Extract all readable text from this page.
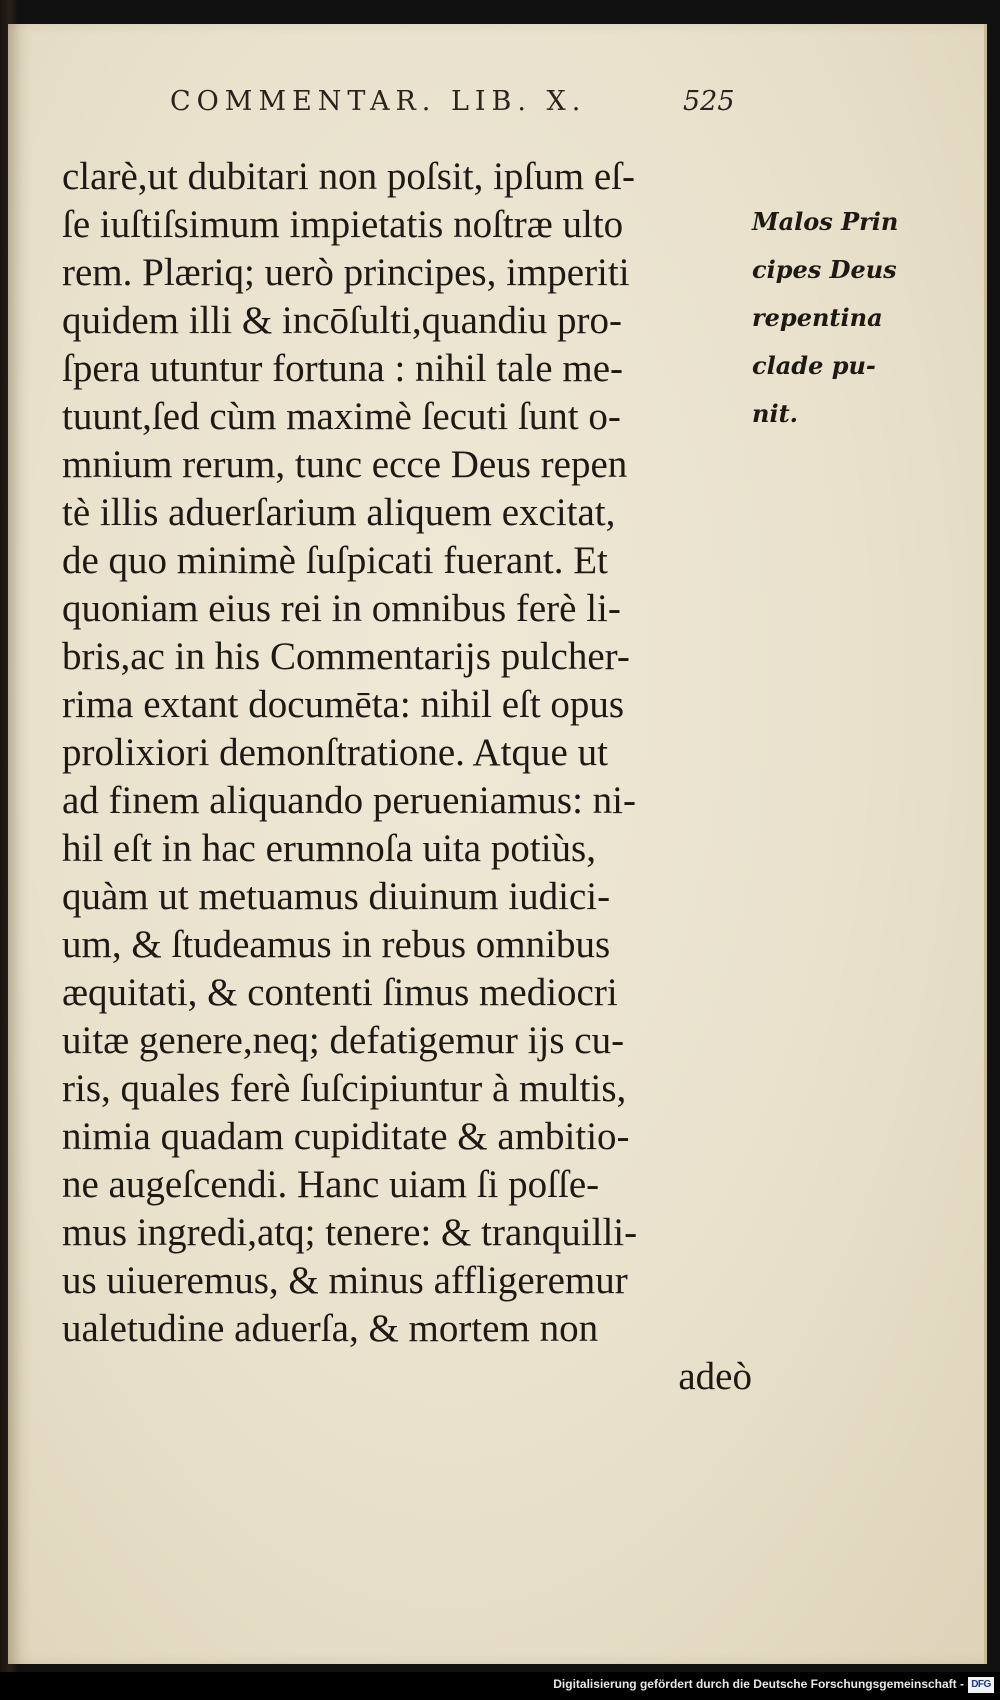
COMMENTAR. LIB. X.	525
clarè,ut dubitari non poſsit, ipſum eſ-
ſe iuſtiſsimum impietatis noſtræ ulto
rem. Plæriq; uerò principes, imperiti
quidem illi & incōſulti,quandiu pro-
ſpera utuntur fortuna : nihil tale me-
tuunt,ſed cùm maximè ſecuti ſunt o-
mnium rerum, tunc ecce Deus repen
tè illis aduerſarium aliquem excitat,
de quo minimè ſuſpicati fuerant. Et
quoniam eius rei in omnibus ferè li-
bris,ac in his Commentarijs pulcher-
rima extant documēta: nihil eſt opus
prolixiori demonſtratione. Atque ut
ad finem aliquando perueniamus: ni-
hil eſt in hac erumnoſa uita potiùs,
quàm ut metuamus diuinum iudici-
um, & ſtudeamus in rebus omnibus
æquitati, & contenti ſimus mediocri
uitæ genere,neq; defatigemur ijs cu-
ris, quales ferè ſuſcipiuntur à multis,
nimia quadam cupiditate & ambitio-
ne augeſcendi. Hanc uiam ſi poſſe-
mus ingredi,atq; tenere: & tranquilli-
us uiueremus, & minus affligeremur
ualetudine aduerſa, & mortem non
adeò
Malos Prin
cipes Deus
repentina
clade pu-
nit.
Digitalisierung gefördert durch die Deutsche Forschungsgemeinschaft - DFG
